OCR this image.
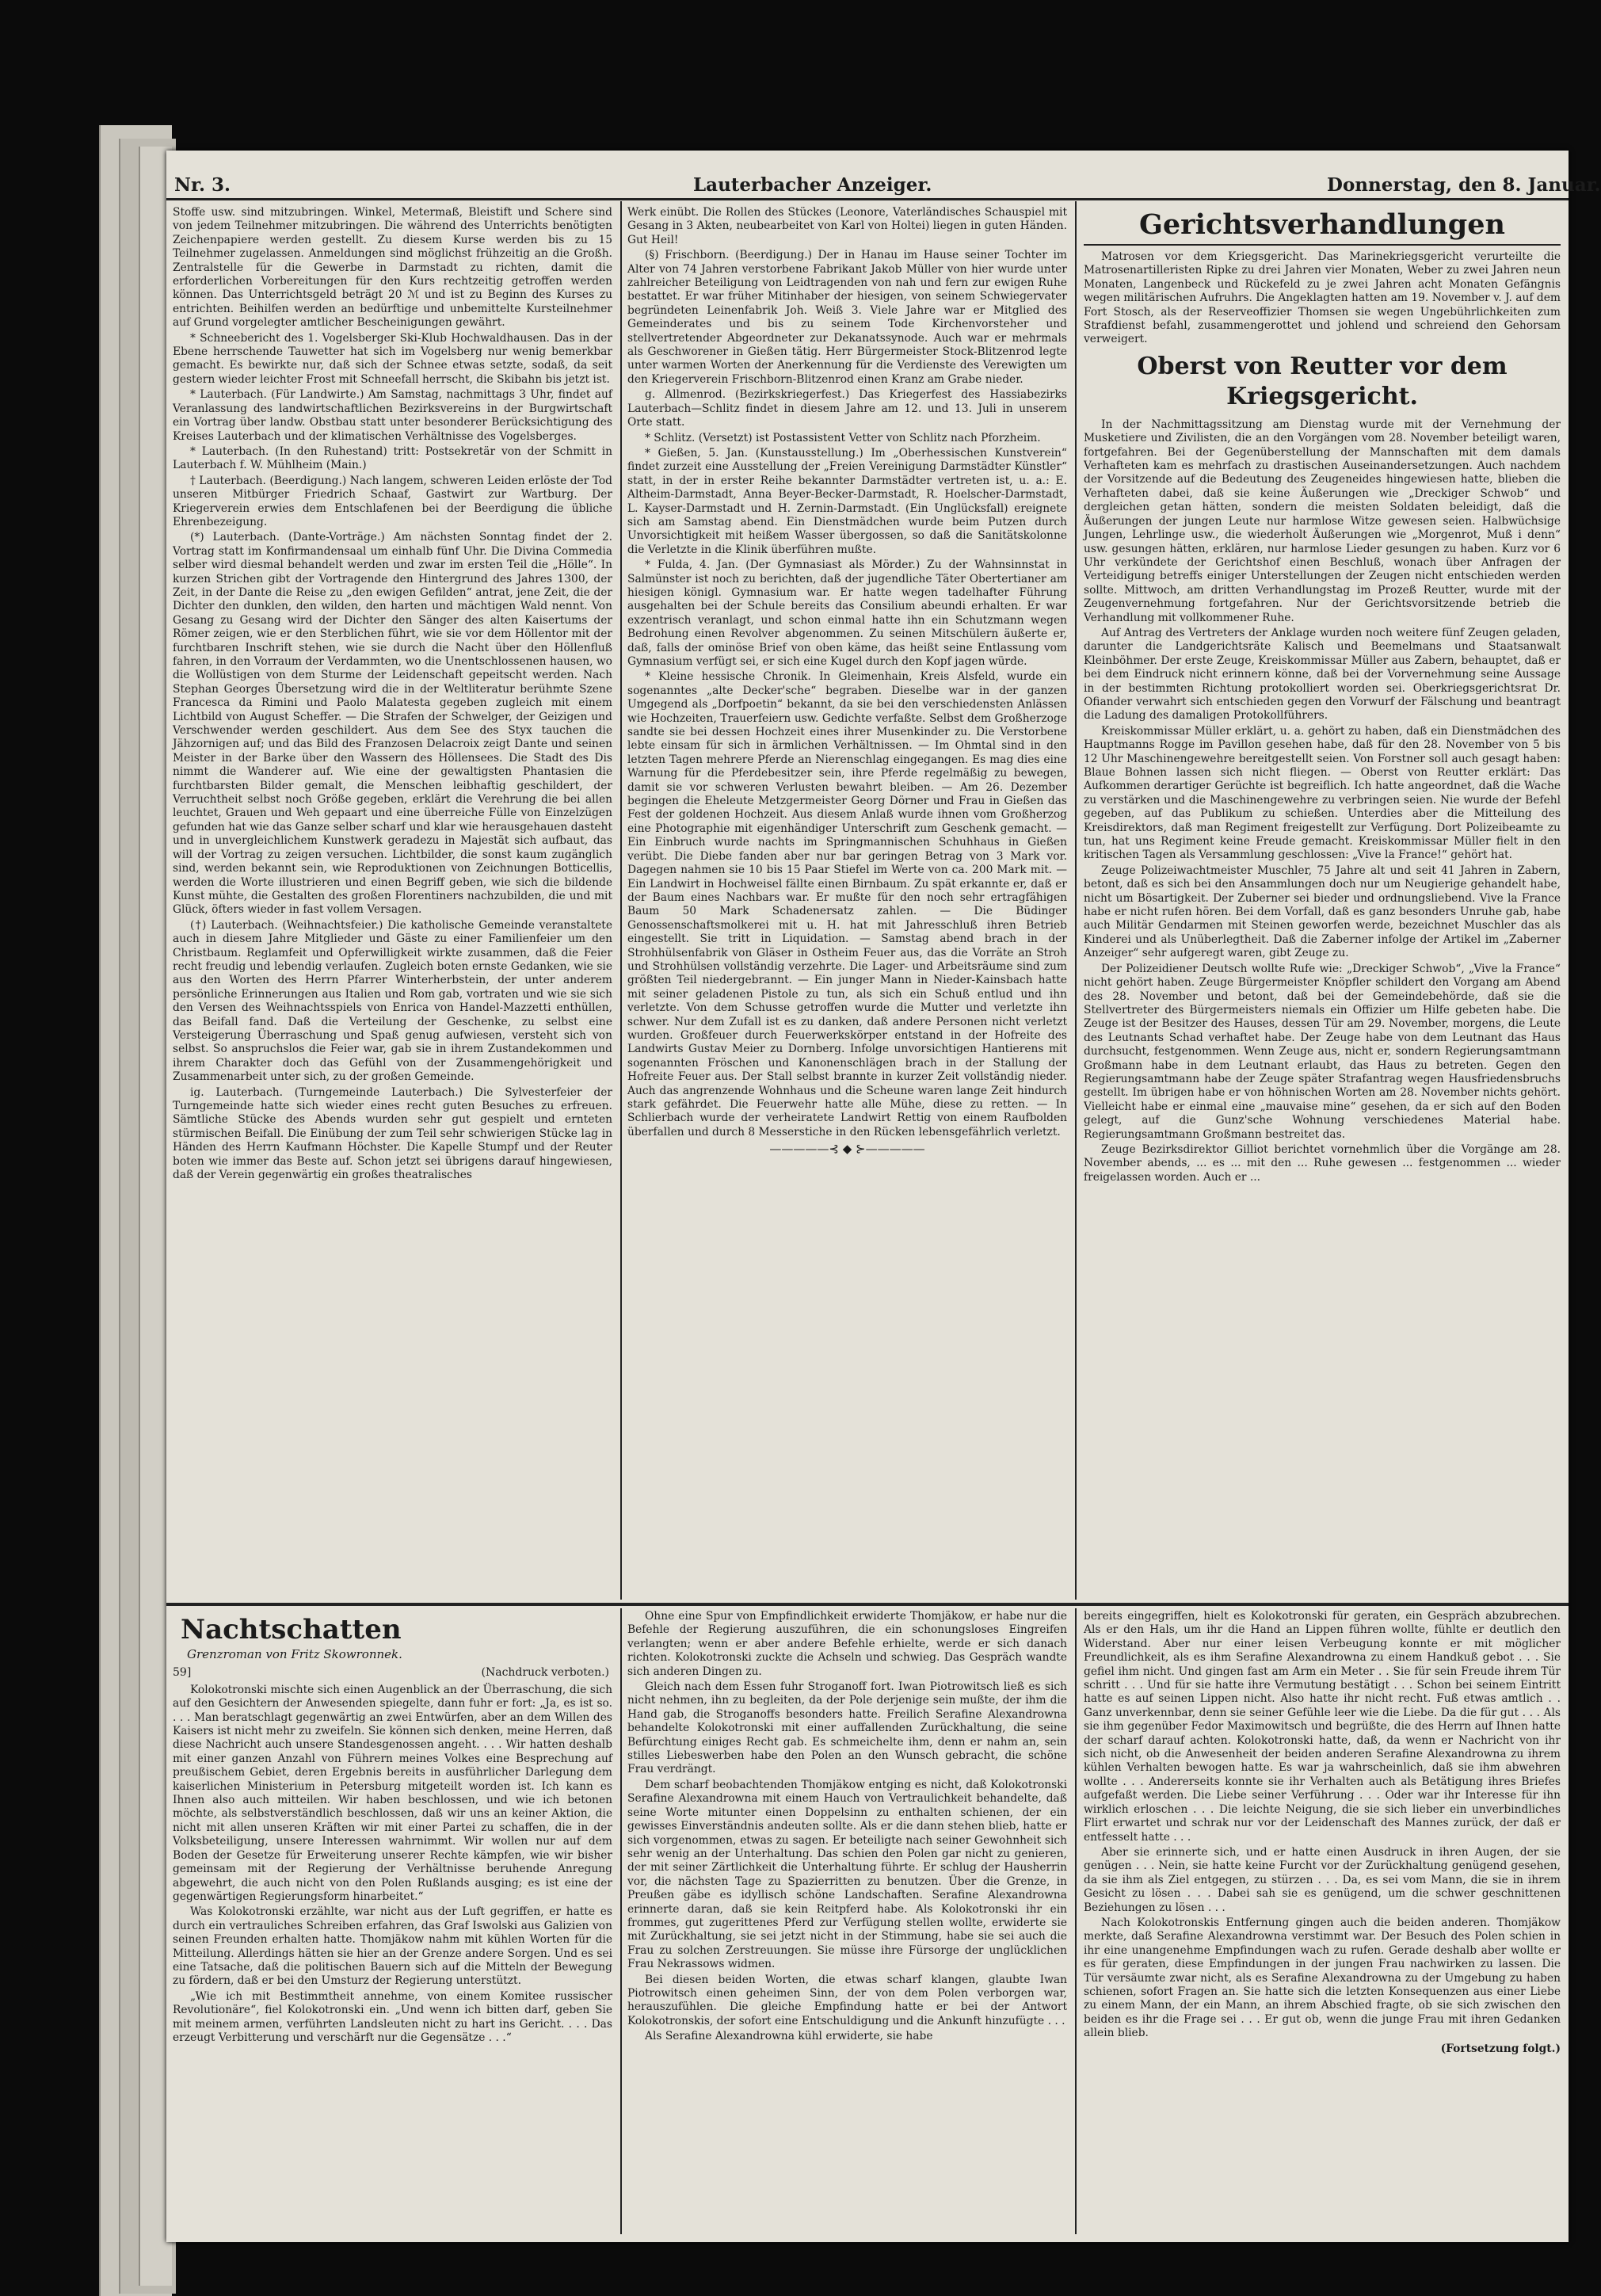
Nr. 3.	Lauterbacher Anzeiger.	Donnerstag, den 8. Januar.

Stoffe usw. sind mitzubringen. Winkel, Metermaß, Bleistift und Schere sind von jedem Teilnehmer mitzubringen. Die während des Unterrichts benötigten Zeichenpapiere werden gestellt. Zu diesem Kurse werden bis zu 15 Teilnehmer zugelassen. Anmeldungen sind möglichst frühzeitig an die Großh. Zentralstelle für die Gewerbe in Darmstadt zu richten, damit die erforderlichen Vorbereitungen für den Kurs rechtzeitig getroffen werden können. Das Unterrichtsgeld beträgt 20 ℳ und ist zu Beginn des Kurses zu entrichten. Beihilfen werden an bedürftige und unbemittelte Kursteilnehmer auf Grund vorgelegter amtlicher Bescheinigungen gewährt.

* Schneebericht des 1. Vogelsberger Ski-Klub Hochwaldhausen. Das in der Ebene herrschende Tauwetter hat sich im Vogelsberg nur wenig bemerkbar gemacht. Es bewirkte nur, daß sich der Schnee etwas setzte, sodaß, da seit gestern wieder leichter Frost mit Schneefall herrscht, die Skibahn bis jetzt ist.

* Lauterbach. (Für Landwirte.) Am Samstag, nachmittags 3 Uhr, findet auf Veranlassung des landwirtschaftlichen Bezirksvereins in der Burgwirtschaft ein Vortrag über landw. Obstbau statt unter besonderer Berücksichtigung des Kreises Lauterbach und der klimatischen Verhältnisse des Vogelsberges.

* Lauterbach. (In den Ruhestand) tritt: Postsekretär von der Schmitt in Lauterbach f. W. Mühlheim (Main.)

† Lauterbach. (Beerdigung.) Nach langem, schweren Leiden erlöste der Tod unseren Mitbürger Friedrich Schaaf, Gastwirt zur Wartburg. Der Kriegerverein erwies dem Entschlafenen bei der Beerdigung die übliche Ehrenbezeigung.

(*) Lauterbach. (Dante-Vorträge.) Am nächsten Sonntag findet der 2. Vortrag statt im Konfirmandensaal um einhalb fünf Uhr. Die Divina Commedia selber wird diesmal behandelt werden und zwar im ersten Teil die „Hölle“. In kurzen Strichen gibt der Vortragende den Hintergrund des Jahres 1300, der Zeit, in der Dante die Reise zu „den ewigen Gefilden“ antrat, jene Zeit, die der Dichter den dunklen, den wilden, den harten und mächtigen Wald nennt. Von Gesang zu Gesang wird der Dichter den Sänger des alten Kaisertums der Römer zeigen, wie er den Sterblichen führt, wie sie vor dem Höllentor mit der furchtbaren Inschrift stehen, wie sie durch die Nacht über den Höllenfluß fahren, in den Vorraum der Verdammten, wo die Unentschlossenen hausen, wo die Wollüstigen von dem Sturme der Leidenschaft gepeitscht werden. Nach Stephan Georges Übersetzung wird die in der Weltliteratur berühmte Szene Francesca da Rimini und Paolo Malatesta gegeben zugleich mit einem Lichtbild von August Scheffer. — Die Strafen der Schwelger, der Geizigen und Verschwender werden geschildert. Aus dem See des Styx tauchen die Jähzornigen auf; und das Bild des Franzosen Delacroix zeigt Dante und seinen Meister in der Barke über den Wassern des Höllensees. Die Stadt des Dis nimmt die Wanderer auf. Wie eine der gewaltigsten Phantasien die furchtbarsten Bilder gemalt, die Menschen leibhaftig geschildert, der Verruchtheit selbst noch Größe gegeben, erklärt die Verehrung die bei allen leuchtet, Grauen und Weh gepaart und eine überreiche Fülle von Einzelzügen gefunden hat wie das Ganze selber scharf und klar wie herausgehauen dasteht und in unvergleichlichem Kunstwerk geradezu in Majestät sich aufbaut, das will der Vortrag zu zeigen versuchen. Lichtbilder, die sonst kaum zugänglich sind, werden bekannt sein, wie Reproduktionen von Zeichnungen Botticellis, werden die Worte illustrieren und einen Begriff geben, wie sich die bildende Kunst mühte, die Gestalten des großen Florentiners nachzubilden, die und mit Glück, öfters wieder in fast vollem Versagen.

(†) Lauterbach. (Weihnachtsfeier.) Die katholische Gemeinde veranstaltete auch in diesem Jahre Mitglieder und Gäste zu einer Familienfeier um den Christbaum. Reglamfeit und Opferwilligkeit wirkte zusammen, daß die Feier recht freudig und lebendig verlaufen. Zugleich boten ernste Gedanken, wie sie aus den Worten des Herrn Pfarrer Winterherbstein, der unter anderem persönliche Erinnerungen aus Italien und Rom gab, vortraten und wie sie sich den Versen des Weihnachtsspiels von Enrica von Handel-Mazzetti enthüllen, das Beifall fand. Daß die Verteilung der Geschenke, zu selbst eine Versteigerung Überraschung und Spaß genug aufwiesen, versteht sich von selbst. So anspruchslos die Feier war, gab sie in ihrem Zustandekommen und ihrem Charakter doch das Gefühl von der Zusammengehörigkeit und Zusammenarbeit unter sich, zu der großen Gemeinde.

ig. Lauterbach. (Turngemeinde Lauterbach.) Die Sylvesterfeier der Turngemeinde hatte sich wieder eines recht guten Besuches zu erfreuen. Sämtliche Stücke des Abends wurden sehr gut gespielt und ernteten stürmischen Beifall. Die Einübung der zum Teil sehr schwierigen Stücke lag in Händen des Herrn Kaufmann Höchster. Die Kapelle Stumpf und der Reuter boten wie immer das Beste auf. Schon jetzt sei übrigens darauf hingewiesen, daß der Verein gegenwärtig ein großes theatralisches

Werk einübt. Die Rollen des Stückes (Leonore, Vaterländisches Schauspiel mit Gesang in 3 Akten, neubearbeitet von Karl von Holtei) liegen in guten Händen. Gut Heil!

(§) Frischborn. (Beerdigung.) Der in Hanau im Hause seiner Tochter im Alter von 74 Jahren verstorbene Fabrikant Jakob Müller von hier wurde unter zahlreicher Beteiligung von Leidtragenden von nah und fern zur ewigen Ruhe bestattet. Er war früher Mitinhaber der hiesigen, von seinem Schwiegervater begründeten Leinenfabrik Joh. Weiß 3. Viele Jahre war er Mitglied des Gemeinderates und bis zu seinem Tode Kirchenvorsteher und stellvertretender Abgeordneter zur Dekanatssynode. Auch war er mehrmals als Geschworener in Gießen tätig. Herr Bürgermeister Stock-Blitzenrod legte unter warmen Worten der Anerkennung für die Verdienste des Verewigten um den Kriegerverein Frischborn-Blitzenrod einen Kranz am Grabe nieder.

g. Allmenrod. (Bezirkskriegerfest.) Das Kriegerfest des Hassiabezirks Lauterbach—Schlitz findet in diesem Jahre am 12. und 13. Juli in unserem Orte statt.

* Schlitz. (Versetzt) ist Postassistent Vetter von Schlitz nach Pforzheim.

* Gießen, 5. Jan. (Kunstausstellung.) Im „Oberhessischen Kunstverein“ findet zurzeit eine Ausstellung der „Freien Vereinigung Darmstädter Künstler“ statt, in der in erster Reihe bekannter Darmstädter vertreten ist, u. a.: E. Altheim-Darmstadt, Anna Beyer-Becker-Darmstadt, R. Hoelscher-Darmstadt, L. Kayser-Darmstadt und H. Zernin-Darmstadt. (Ein Unglücksfall) ereignete sich am Samstag abend. Ein Dienstmädchen wurde beim Putzen durch Unvorsichtigkeit mit heißem Wasser übergossen, so daß die Sanitätskolonne die Verletzte in die Klinik überführen mußte.

* Fulda, 4. Jan. (Der Gymnasiast als Mörder.) Zu der Wahnsinnstat in Salmünster ist noch zu berichten, daß der jugendliche Täter Obertertianer am hiesigen königl. Gymnasium war. Er hatte wegen tadelhafter Führung ausgehalten bei der Schule bereits das Consilium abeundi erhalten. Er war exzentrisch veranlagt, und schon einmal hatte ihn ein Schutzmann wegen Bedrohung einen Revolver abgenommen. Zu seinen Mitschülern äußerte er, daß, falls der ominöse Brief von oben käme, das heißt seine Entlassung vom Gymnasium verfügt sei, er sich eine Kugel durch den Kopf jagen würde.

* Kleine hessische Chronik. In Gleimenhain, Kreis Alsfeld, wurde ein sogenanntes „alte Decker'sche“ begraben. Dieselbe war in der ganzen Umgegend als „Dorfpoetin“ bekannt, da sie bei den verschiedensten Anlässen wie Hochzeiten, Trauerfeiern usw. Gedichte verfaßte. Selbst dem Großherzoge sandte sie bei dessen Hochzeit eines ihrer Musenkinder zu. Die Verstorbene lebte einsam für sich in ärmlichen Verhältnissen. — Im Ohmtal sind in den letzten Tagen mehrere Pferde an Nierenschlag eingegangen. Es mag dies eine Warnung für die Pferdebesitzer sein, ihre Pferde regelmäßig zu bewegen, damit sie vor schweren Verlusten bewahrt bleiben. — Am 26. Dezember begingen die Eheleute Metzgermeister Georg Dörner und Frau in Gießen das Fest der goldenen Hochzeit. Aus diesem Anlaß wurde ihnen vom Großherzog eine Photographie mit eigenhändiger Unterschrift zum Geschenk gemacht. — Ein Einbruch wurde nachts im Springmannischen Schuhhaus in Gießen verübt. Die Diebe fanden aber nur bar geringen Betrag von 3 Mark vor. Dagegen nahmen sie 10 bis 15 Paar Stiefel im Werte von ca. 200 Mark mit. — Ein Landwirt in Hochweisel fällte einen Birnbaum. Zu spät erkannte er, daß er der Baum eines Nachbars war. Er mußte für den noch sehr ertragfähigen Baum 50 Mark Schadenersatz zahlen. — Die Büdinger Genossenschaftsmolkerei mit u. H. hat mit Jahresschluß ihren Betrieb eingestellt. Sie tritt in Liquidation. — Samstag abend brach in der Strohhülsenfabrik von Gläser in Ostheim Feuer aus, das die Vorräte an Stroh und Strohhülsen vollständig verzehrte. Die Lager- und Arbeitsräume sind zum größten Teil niedergebrannt. — Ein junger Mann in Nieder-Kainsbach hatte mit seiner geladenen Pistole zu tun, als sich ein Schuß entlud und ihn verletzte. Von dem Schusse getroffen wurde die Mutter und verletzte ihn schwer. Nur dem Zufall ist es zu danken, daß andere Personen nicht verletzt wurden. Großfeuer durch Feuerwerkskörper entstand in der Hofreite des Landwirts Gustav Meier zu Dornberg. Infolge unvorsichtigen Hantierens mit sogenannten Fröschen und Kanonenschlägen brach in der Stallung der Hofreite Feuer aus. Der Stall selbst brannte in kurzer Zeit vollständig nieder. Auch das angrenzende Wohnhaus und die Scheune waren lange Zeit hindurch stark gefährdet. Die Feuerwehr hatte alle Mühe, diese zu retten. — In Schlierbach wurde der verheiratete Landwirt Rettig von einem Raufbolden überfallen und durch 8 Messerstiche in den Rücken lebensgefährlich verletzt.

—————⊰ ◆ ⊱—————
Gerichtsverhandlungen

Matrosen vor dem Kriegsgericht. Das Marinekriegsgericht verurteilte die Matrosenartilleristen Ripke zu drei Jahren vier Monaten, Weber zu zwei Jahren neun Monaten, Langenbeck und Rückefeld zu je zwei Jahren acht Monaten Gefängnis wegen militärischen Aufruhrs. Die Angeklagten hatten am 19. November v. J. auf dem Fort Stosch, als der Reserveoffizier Thomsen sie wegen Ungebührlichkeiten zum Strafdienst befahl, zusammengerottet und johlend und schreiend den Gehorsam verweigert.

Oberst von Reutter vor dem Kriegsgericht.

In der Nachmittagssitzung am Dienstag wurde mit der Vernehmung der Musketiere und Zivilisten, die an den Vorgängen vom 28. November beteiligt waren, fortgefahren. Bei der Gegenüberstellung der Mannschaften mit dem damals Verhafteten kam es mehrfach zu drastischen Auseinandersetzungen. Auch nachdem der Vorsitzende auf die Bedeutung des Zeugeneides hingewiesen hatte, blieben die Verhafteten dabei, daß sie keine Äußerungen wie „Dreckiger Schwob“ und dergleichen getan hätten, sondern die meisten Soldaten beleidigt, daß die Äußerungen der jungen Leute nur harmlose Witze gewesen seien. Halbwüchsige Jungen, Lehrlinge usw., die wiederholt Äußerungen wie „Morgenrot, Muß i denn“ usw. gesungen hätten, erklären, nur harmlose Lieder gesungen zu haben. Kurz vor 6 Uhr verkündete der Gerichtshof einen Beschluß, wonach über Anfragen der Verteidigung betreffs einiger Unterstellungen der Zeugen nicht entschieden werden sollte. Mittwoch, am dritten Verhandlungstag im Prozeß Reutter, wurde mit der Zeugenvernehmung fortgefahren. Nur der Gerichtsvorsitzende betrieb die Verhandlung mit vollkommener Ruhe.

Auf Antrag des Vertreters der Anklage wurden noch weitere fünf Zeugen geladen, darunter die Landgerichtsräte Kalisch und Beemelmans und Staatsanwalt Kleinböhmer. Der erste Zeuge, Kreiskommissar Müller aus Zabern, behauptet, daß er bei dem Eindruck nicht erinnern könne, daß bei der Vorvernehmung seine Aussage in der bestimmten Richtung protokolliert worden sei. Oberkriegsgerichtsrat Dr. Ofiander verwahrt sich entschieden gegen den Vorwurf der Fälschung und beantragt die Ladung des damaligen Protokollführers.

Kreiskommissar Müller erklärt, u. a. gehört zu haben, daß ein Dienstmädchen des Hauptmanns Rogge im Pavillon gesehen habe, daß für den 28. November von 5 bis 12 Uhr Maschinengewehre bereitgestellt seien. Von Forstner soll auch gesagt haben: Blaue Bohnen lassen sich nicht fliegen. — Oberst von Reutter erklärt: Das Aufkommen derartiger Gerüchte ist begreiflich. Ich hatte angeordnet, daß die Wache zu verstärken und die Maschinengewehre zu verbringen seien. Nie wurde der Befehl gegeben, auf das Publikum zu schießen. Unterdies aber die Mitteilung des Kreisdirektors, daß man Regiment freigestellt zur Verfügung. Dort Polizeibeamte zu tun, hat uns Regiment keine Freude gemacht. Kreiskommissar Müller fielt in den kritischen Tagen als Versammlung geschlossen: „Vive la France!“ gehört hat.

Zeuge Polizeiwachtmeister Muschler, 75 Jahre alt und seit 41 Jahren in Zabern, betont, daß es sich bei den Ansammlungen doch nur um Neugierige gehandelt habe, nicht um Bösartigkeit. Der Zuberner sei bieder und ordnungsliebend. Vive la France habe er nicht rufen hören. Bei dem Vorfall, daß es ganz besonders Unruhe gab, habe auch Militär Gendarmen mit Steinen geworfen werde, bezeichnet Muschler das als Kinderei und als Unüberlegtheit. Daß die Zaberner infolge der Artikel im „Zaberner Anzeiger“ sehr aufgeregt waren, gibt Zeuge zu.

Der Polizeidiener Deutsch wollte Rufe wie: „Dreckiger Schwob“, „Vive la France“ nicht gehört haben. Zeuge Bürgermeister Knöpfler schildert den Vorgang am Abend des 28. November und betont, daß bei der Gemeindebehörde, daß sie die Stellvertreter des Bürgermeisters niemals ein Offizier um Hilfe gebeten habe. Die Zeuge ist der Besitzer des Hauses, dessen Tür am 29. November, morgens, die Leute des Leutnants Schad verhaftet habe. Der Zeuge habe von dem Leutnant das Haus durchsucht, festgenommen. Wenn Zeuge aus, nicht er, sondern Regierungsamtmann Großmann habe in dem Leutnant erlaubt, das Haus zu betreten. Gegen den Regierungsamtmann habe der Zeuge später Strafantrag wegen Hausfriedensbruchs gestellt. Im übrigen habe er von höhnischen Worten am 28. November nichts gehört. Vielleicht habe er einmal eine „mauvaise mine“ gesehen, da er sich auf den Boden gelegt, auf die Gunz'sche Wohnung verschiedenes Material habe. Regierungsamtmann Großmann bestreitet das.

Zeuge Bezirksdirektor Gilliot berichtet vornehmlich über die Vorgänge am 28. November abends, ... es ... mit den ... Ruhe gewesen ... festgenommen ... wieder freigelassen worden. Auch er ...

Nachtschatten
Grenzroman von Fritz Skowronnek.
59]	(Nachdruck verboten.)

Kolokotronski mischte sich einen Augenblick an der Überraschung, die sich auf den Gesichtern der Anwesenden spiegelte, dann fuhr er fort: „Ja, es ist so. . . . Man beratschlagt gegenwärtig an zwei Entwürfen, aber an dem Willen des Kaisers ist nicht mehr zu zweifeln. Sie können sich denken, meine Herren, daß diese Nachricht auch unsere Standesgenossen angeht. . . . Wir hatten deshalb mit einer ganzen Anzahl von Führern meines Volkes eine Besprechung auf preußischem Gebiet, deren Ergebnis bereits in ausführlicher Darlegung dem kaiserlichen Ministerium in Petersburg mitgeteilt worden ist. Ich kann es Ihnen also auch mitteilen. Wir haben beschlossen, und wie ich betonen möchte, als selbstverständlich beschlossen, daß wir uns an keiner Aktion, die nicht mit allen unseren Kräften wir mit einer Partei zu schaffen, die in der Volksbeteiligung, unsere Interessen wahrnimmt. Wir wollen nur auf dem Boden der Gesetze für Erweiterung unserer Rechte kämpfen, wie wir bisher gemeinsam mit der Regierung der Verhältnisse beruhende Anregung abgewehrt, die auch nicht von den Polen Rußlands ausging; es ist eine der gegenwärtigen Regierungsform hinarbeitet.“

Was Kolokotronski erzählte, war nicht aus der Luft gegriffen, er hatte es durch ein vertrauliches Schreiben erfahren, das Graf Iswolski aus Galizien von seinen Freunden erhalten hatte. Thomjäkow nahm mit kühlen Worten für die Mitteilung. Allerdings hätten sie hier an der Grenze andere Sorgen. Und es sei eine Tatsache, daß die politischen Bauern sich auf die Mitteln der Bewegung zu fördern, daß er bei den Umsturz der Regierung unterstützt.

„Wie ich mit Bestimmtheit annehme, von einem Komitee russischer Revolutionäre“, fiel Kolokotronski ein. „Und wenn ich bitten darf, geben Sie mit meinem armen, verführten Landsleuten nicht zu hart ins Gericht. . . . Das erzeugt Verbitterung und verschärft nur die Gegensätze . . .“

Ohne eine Spur von Empfindlichkeit erwiderte Thomjäkow, er habe nur die Befehle der Regierung auszuführen, die ein schonungsloses Eingreifen verlangten; wenn er aber andere Befehle erhielte, werde er sich danach richten. Kolokotronski zuckte die Achseln und schwieg. Das Gespräch wandte sich anderen Dingen zu.

Gleich nach dem Essen fuhr Stroganoff fort. Iwan Piotrowitsch ließ es sich nicht nehmen, ihn zu begleiten, da der Pole derjenige sein mußte, der ihm die Hand gab, die Stroganoffs besonders hatte. Freilich Serafine Alexandrowna behandelte Kolokotronski mit einer auffallenden Zurückhaltung, die seine Befürchtung einiges Recht gab. Es schmeichelte ihm, denn er nahm an, sein stilles Liebeswerben habe den Polen an den Wunsch gebracht, die schöne Frau verdrängt.

Dem scharf beobachtenden Thomjäkow entging es nicht, daß Kolokotronski Serafine Alexandrowna mit einem Hauch von Vertraulichkeit behandelte, daß seine Worte mitunter einen Doppelsinn zu enthalten schienen, der ein gewisses Einverständnis andeuten sollte. Als er die dann stehen blieb, hatte er sich vorgenommen, etwas zu sagen. Er beteiligte nach seiner Gewohnheit sich sehr wenig an der Unterhaltung. Das schien den Polen gar nicht zu genieren, der mit seiner Zärtlichkeit die Unterhaltung führte. Er schlug der Hausherrin vor, die nächsten Tage zu Spazierritten zu benutzen. Über die Grenze, in Preußen gäbe es idyllisch schöne Landschaften. Serafine Alexandrowna erinnerte daran, daß sie kein Reitpferd habe. Als Kolokotronski ihr ein frommes, gut zugerittenes Pferd zur Verfügung stellen wollte, erwiderte sie mit Zurückhaltung, sie sei jetzt nicht in der Stimmung, habe sie sei auch die Frau zu solchen Zerstreuungen. Sie müsse ihre Fürsorge der unglücklichen Frau Nekrassows widmen.

Bei diesen beiden Worten, die etwas scharf klangen, glaubte Iwan Piotrowitsch einen geheimen Sinn, der von dem Polen verborgen war, herauszufühlen. Die gleiche Empfindung hatte er bei der Antwort Kolokotronskis, der sofort eine Entschuldigung und die Ankunft hinzufügte . . .

Als Serafine Alexandrowna kühl erwiderte, sie habe

bereits eingegriffen, hielt es Kolokotronski für geraten, ein Gespräch abzubrechen. Als er den Hals, um ihr die Hand an Lippen führen wollte, fühlte er deutlich den Widerstand. Aber nur einer leisen Verbeugung konnte er mit möglicher Freundlichkeit, als es ihm Serafine Alexandrowna zu einem Handkuß gebot . . . Sie gefiel ihm nicht. Und gingen fast am Arm ein Meter . . Sie für sein Freude ihrem Tür schritt . . . Und für sie hatte ihre Vermutung bestätigt . . . Schon bei seinem Eintritt hatte es auf seinen Lippen nicht. Also hatte ihr nicht recht. Fuß etwas amtlich . . Ganz unverkennbar, denn sie seiner Gefühle leer wie die Liebe. Da die für gut . . . Als sie ihm gegenüber Fedor Maximowitsch und begrüßte, die des Herrn auf Ihnen hatte der scharf darauf achten. Kolokotronski hatte, daß, da wenn er Nachricht von ihr sich nicht, ob die Anwesenheit der beiden anderen Serafine Alexandrowna zu ihrem kühlen Verhalten bewogen hatte. Es war ja wahrscheinlich, daß sie ihm abwehren wollte . . . Andererseits konnte sie ihr Verhalten auch als Betätigung ihres Briefes aufgefaßt werden. Die Liebe seiner Verführung . . . Oder war ihr Interesse für ihn wirklich erloschen . . . Die leichte Neigung, die sie sich lieber ein unverbindliches Flirt erwartet und schrak nur vor der Leidenschaft des Mannes zurück, der daß er entfesselt hatte . . .

Aber sie erinnerte sich, und er hatte einen Ausdruck in ihren Augen, der sie genügen . . . Nein, sie hatte keine Furcht vor der Zurückhaltung genügend gesehen, da sie ihm als Ziel entgegen, zu stürzen . . . Da, es sei vom Mann, die sie in ihrem Gesicht zu lösen . . . Dabei sah sie es genügend, um die schwer geschnittenen Beziehungen zu lösen . . .

Nach Kolokotronskis Entfernung gingen auch die beiden anderen. Thomjäkow merkte, daß Serafine Alexandrowna verstimmt war. Der Besuch des Polen schien in ihr eine unangenehme Empfindungen wach zu rufen. Gerade deshalb aber wollte er es für geraten, diese Empfindungen in der jungen Frau nachwirken zu lassen. Die Tür versäumte zwar nicht, als es Serafine Alexandrowna zu der Umgebung zu haben schienen, sofort Fragen an. Sie hatte sich die letzten Konsequenzen aus einer Liebe zu einem Mann, der ein Mann, an ihrem Abschied fragte, ob sie sich zwischen den beiden es ihr die Frage sei . . . Er gut ob, wenn die junge Frau mit ihren Gedanken allein blieb.

(Fortsetzung folgt.)
